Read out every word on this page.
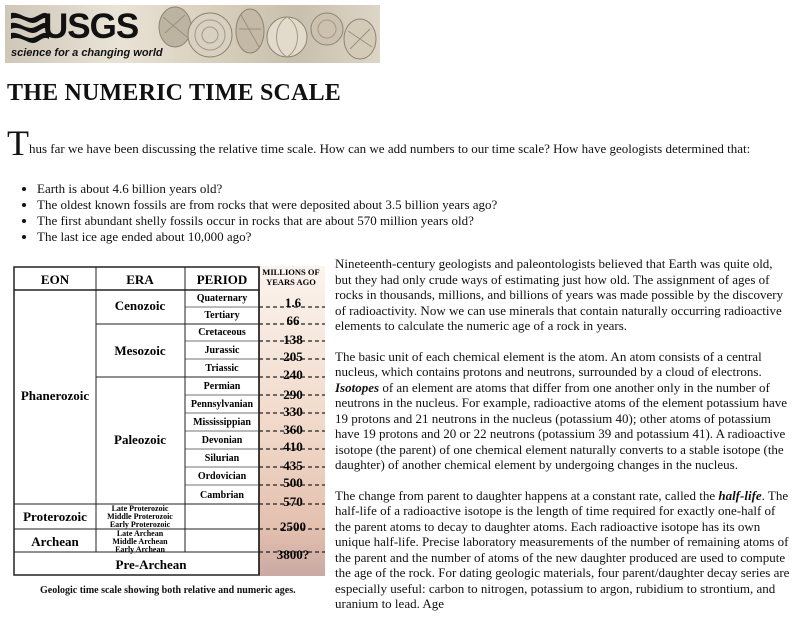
USGS
science for a changing world
THE NUMERIC TIME SCALE

Thus far we have been discussing the relative time scale. How can we add numbers to our time scale? How have geologists determined that:

• Earth is about 4.6 billion years old?
• The oldest known fossils are from rocks that were deposited about 3.5 billion years ago?
• The first abundant shelly fossils occur in rocks that are about 570 million years old?
• The last ice age ended about 10,000 ago?
EON	ERA	PERIOD MILLIONS OF
YEARS AGO
Phanerozoic
Proterozoic
Archean
Pre-Archean
Cenozoic
Mesozoic
Paleozoic
Quaternary
Tertiary
Cretaceous
Jurassic
Triassic
Permian
Pennsylvanian
Mississippian
Devonian
Silurian
Ordovician
Cambrian
Late Proterozoic
Middle Proterozoic
Early Proterozoic
Late Archean
Middle Archean
Early Archean
1.6
66
138
205
240
290
330
360
410
435
500
570
2500
3800?

Geologic time scale showing both relative and numeric ages.

Nineteenth-century geologists and paleontologists believed that Earth was quite old, but they had only crude ways of estimating just how old. The assignment of ages of rocks in thousands, millions, and billions of years was made possible by the discovery of radioactivity. Now we can use minerals that contain naturally occurring radioactive elements to calculate the numeric age of a rock in years.

The basic unit of each chemical element is the atom. An atom consists of a central nucleus, which contains protons and neutrons, surrounded by a cloud of electrons. Isotopes of an element are atoms that differ from one another only in the number of neutrons in the nucleus. For example, radioactive atoms of the element potassium have 19 protons and 21 neutrons in the nucleus (potassium 40); other atoms of potassium have 19 protons and 20 or 22 neutrons (potassium 39 and potassium 41). A radioactive isotope (the parent) of one chemical element naturally converts to a stable isotope (the daughter) of another chemical element by undergoing changes in the nucleus.

The change from parent to daughter happens at a constant rate, called the half-life. The half-life of a radioactive isotope is the length of time required for exactly one-half of the parent atoms to decay to daughter atoms. Each radioactive isotope has its own unique half-life. Precise laboratory measurements of the number of remaining atoms of the parent and the number of atoms of the new daughter produced are used to compute the age of the rock. For dating geologic materials, four parent/daughter decay series are especially useful: carbon to nitrogen, potassium to argon, rubidium to strontium, and uranium to lead. Age
